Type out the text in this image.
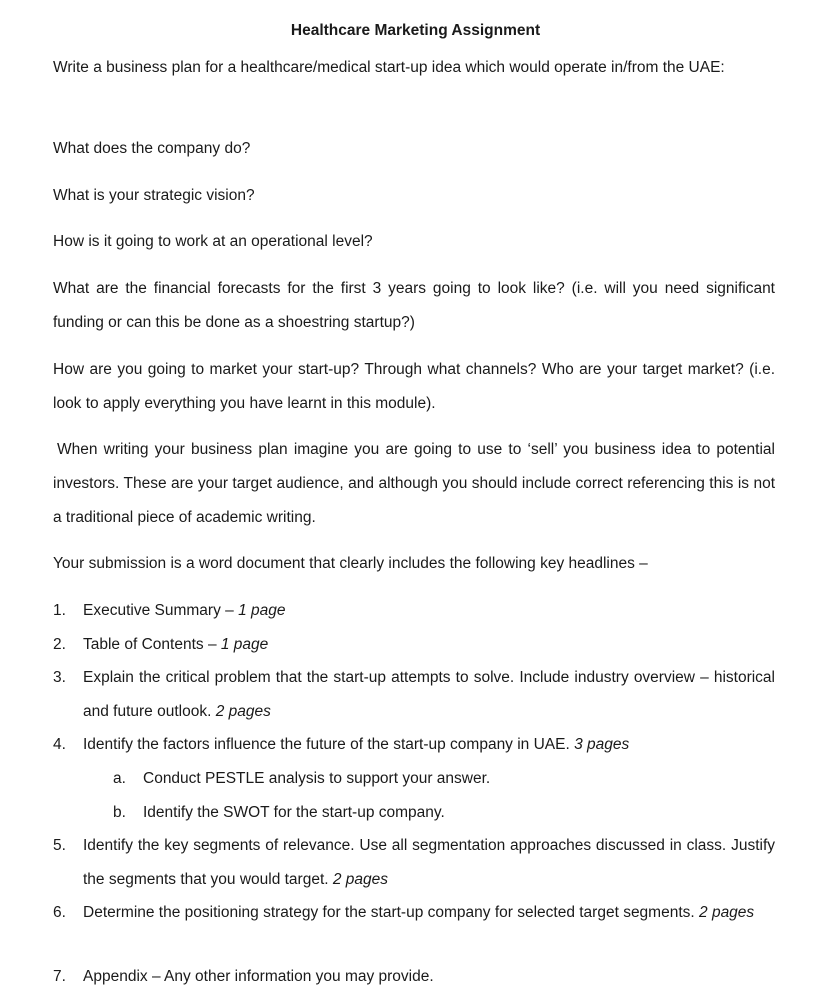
Healthcare Marketing Assignment
Write a business plan for a healthcare/medical start-up idea which would operate in/from the UAE:
What does the company do?
What is your strategic vision?
How is it going to work at an operational level?
What are the financial forecasts for the first 3 years going to look like? (i.e. will you need significant funding or can this be done as a shoestring startup?)
How are you going to market your start-up? Through what channels? Who are your target market? (i.e. look to apply everything you have learnt in this module).
When writing your business plan imagine you are going to use to ‘sell’ you business idea to potential investors. These are your target audience, and although you should include correct referencing this is not a traditional piece of academic writing.
Your submission is a word document that clearly includes the following key headlines –
1.	Executive Summary – 1 page
2.	Table of Contents – 1 page
3.	Explain the critical problem that the start-up attempts to solve. Include industry overview – historical and future outlook. 2 pages
4.	Identify the factors influence the future of the start-up company in UAE. 3 pages
a.	Conduct PESTLE analysis to support your answer.
b.	Identify the SWOT for the start-up company.
5.	Identify the key segments of relevance. Use all segmentation approaches discussed in class. Justify the segments that you would target. 2 pages
6.	Determine the positioning strategy for the start-up company for selected target segments. 2 pages
7.	Appendix – Any other information you may provide.
